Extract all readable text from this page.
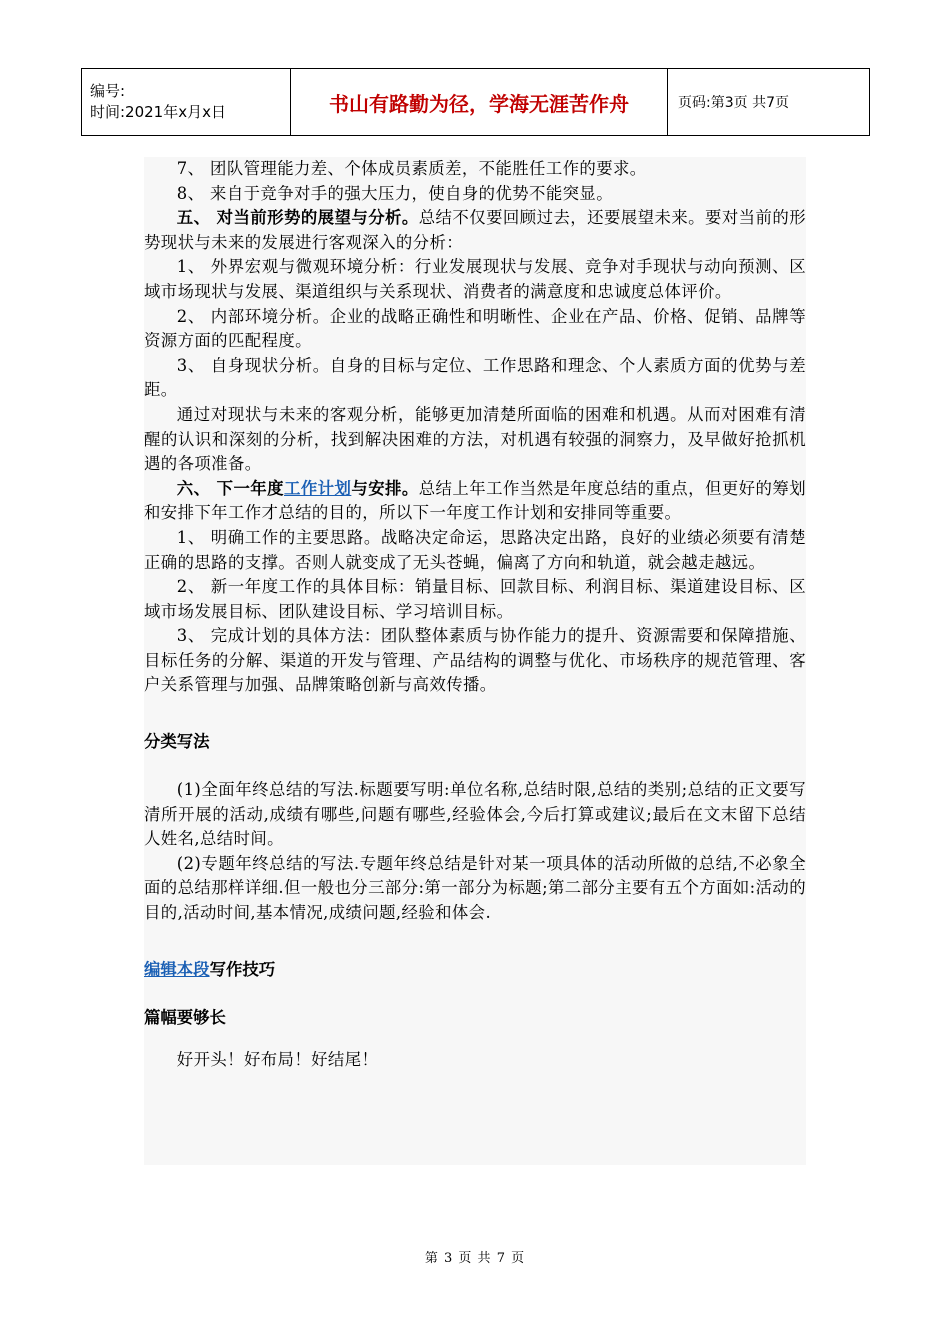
编号:
时间:2021年x月x日	书山有路勤为径，学海无涯苦作舟	页码:第3页 共7页

7、 团队管理能力差、个体成员素质差，不能胜任工作的要求。

8、 来自于竞争对手的强大压力，使自身的优势不能突显。

五、 对当前形势的展望与分析。总结不仅要回顾过去，还要展望未来。要对当前的形势现状与未来的发展进行客观深入的分析：

1、 外界宏观与微观环境分析：行业发展现状与发展、竞争对手现状与动向预测、区域市场现状与发展、渠道组织与关系现状、消费者的满意度和忠诚度总体评价。

2、 内部环境分析。企业的战略正确性和明晰性、企业在产品、价格、促销、品牌等资源方面的匹配程度。

3、 自身现状分析。自身的目标与定位、工作思路和理念、个人素质方面的优势与差距。

通过对现状与未来的客观分析，能够更加清楚所面临的困难和机遇。从而对困难有清醒的认识和深刻的分析，找到解决困难的方法，对机遇有较强的洞察力，及早做好抢抓机遇的各项准备。

六、 下一年度工作计划与安排。总结上年工作当然是年度总结的重点，但更好的筹划和安排下年工作才总结的目的，所以下一年度工作计划和安排同等重要。

1、 明确工作的主要思路。战略决定命运，思路决定出路，良好的业绩必须要有清楚正确的思路的支撑。否则人就变成了无头苍蝇，偏离了方向和轨道，就会越走越远。

2、 新一年度工作的具体目标：销量目标、回款目标、利润目标、渠道建设目标、区域市场发展目标、团队建设目标、学习培训目标。

3、 完成计划的具体方法：团队整体素质与协作能力的提升、资源需要和保障措施、目标任务的分解、渠道的开发与管理、产品结构的调整与优化、市场秩序的规范管理、客户关系管理与加强、品牌策略创新与高效传播。

分类写法

(1)全面年终总结的写法.标题要写明:单位名称,总结时限,总结的类别;总结的正文要写清所开展的活动,成绩有哪些,问题有哪些,经验体会,今后打算或建议;最后在文末留下总结人姓名,总结时间。

(2)专题年终总结的写法.专题年终总结是针对某一项具体的活动所做的总结,不必象全面的总结那样详细.但一般也分三部分:第一部分为标题;第二部分主要有五个方面如:活动的目的,活动时间,基本情况,成绩问题,经验和体会.

编辑本段写作技巧

篇幅要够长

好开头！好布局！好结尾！

第 3 页 共 7 页
